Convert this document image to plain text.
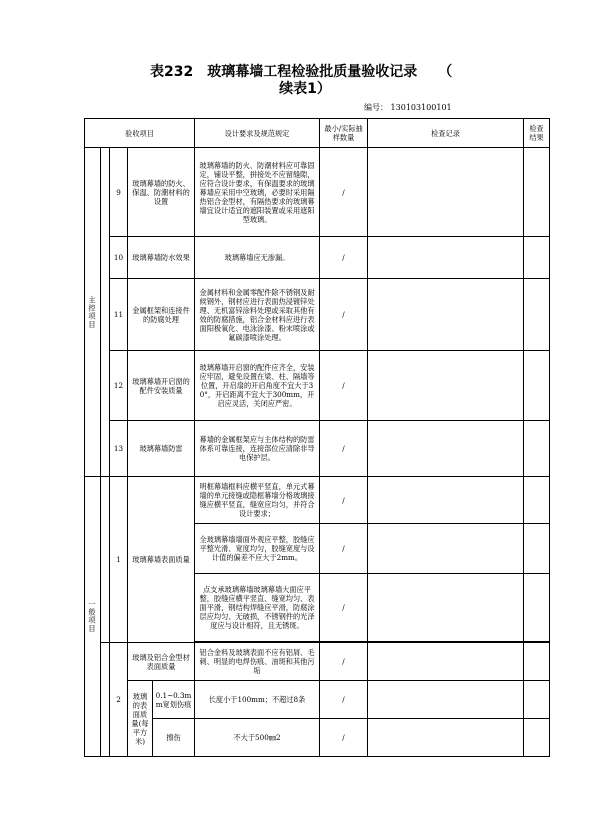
表232　玻璃幕墙工程检验批质量验收记录　　（
续表1）
编号： 130103100101
验收项目					设计要求及规范规定	最小/实际抽样数量	检查记录	检查结果
主控项目		9	玻璃幕墙的防火、保温、防潮材料的设置		玻璃幕墙的防火、防潮材料应可靠固定，铺设平整，拼接处不应留缝隙，应符合设计要求，有保温要求的玻璃幕墙应采用中空玻璃，必要时采用隔热铝合金型材，有隔热要求的玻璃幕墙宜设计适宜的遮阳装置或采用遮阳型玻璃。	/		
		10	玻璃幕墙防水效果		玻璃幕墙应无渗漏。	/		
		11	金属框架和连接件的防腐处理		金属材料和金属零配件除不锈钢及耐候钢外，钢材应进行表面热浸镀锌处理、无机富锌涂料处理或采取其他有效的防腐措施，铝合金材料应进行表面阳极氧化、电泳涂漆、粉末喷涂或氟碳漆喷涂处理。	/		
		12	玻璃幕墙开启窗的配件安装质量		玻璃幕墙开启窗的配件应齐全，安装应牢固，避免设置在梁、柱、隔墙等位置，开启扇的开启角度不宜大于30°，开启距离不宜大于300mm，开启应灵活，关闭应严密。	/		
		13	玻璃幕墙防雷		幕墙的金属框架应与主体结构的防雷体系可靠连接，连接部位应清除非导电保护层。	/		
一般项目		1	玻璃幕墙表面质量		明框幕墙框料应横平竖直，单元式幕墙的单元接缝或隐框幕墙分格玻璃接缝应横平竖直，缝宽应均匀，并符合设计要求；	/		
					全玻璃幕墙墙面外观应平整，胶缝应平整光滑、宽度均匀，胶缝宽度与设计值的偏差不应大于2mm。	/		
					点支承玻璃幕墙玻璃幕墙大面应平整，胶缝应横平竖直、缝宽均匀、表面平滑，钢结构焊缝应平滑，防腐涂层应均匀、无破损，不锈钢件的光泽度应与设计相符，且无锈斑。	/		

		2	玻璃及铝合金型材表面质量		铝合金料及玻璃表面不应有铝屑、毛刺、明显的电焊伤痕、油斑和其他污垢	/		
			玻璃的表面质量(每平方米)	0.1~0.3mm宽划伤痕	长度小于100mm；不超过8条	/		
				擦伤	不大于500㎜2	/		
